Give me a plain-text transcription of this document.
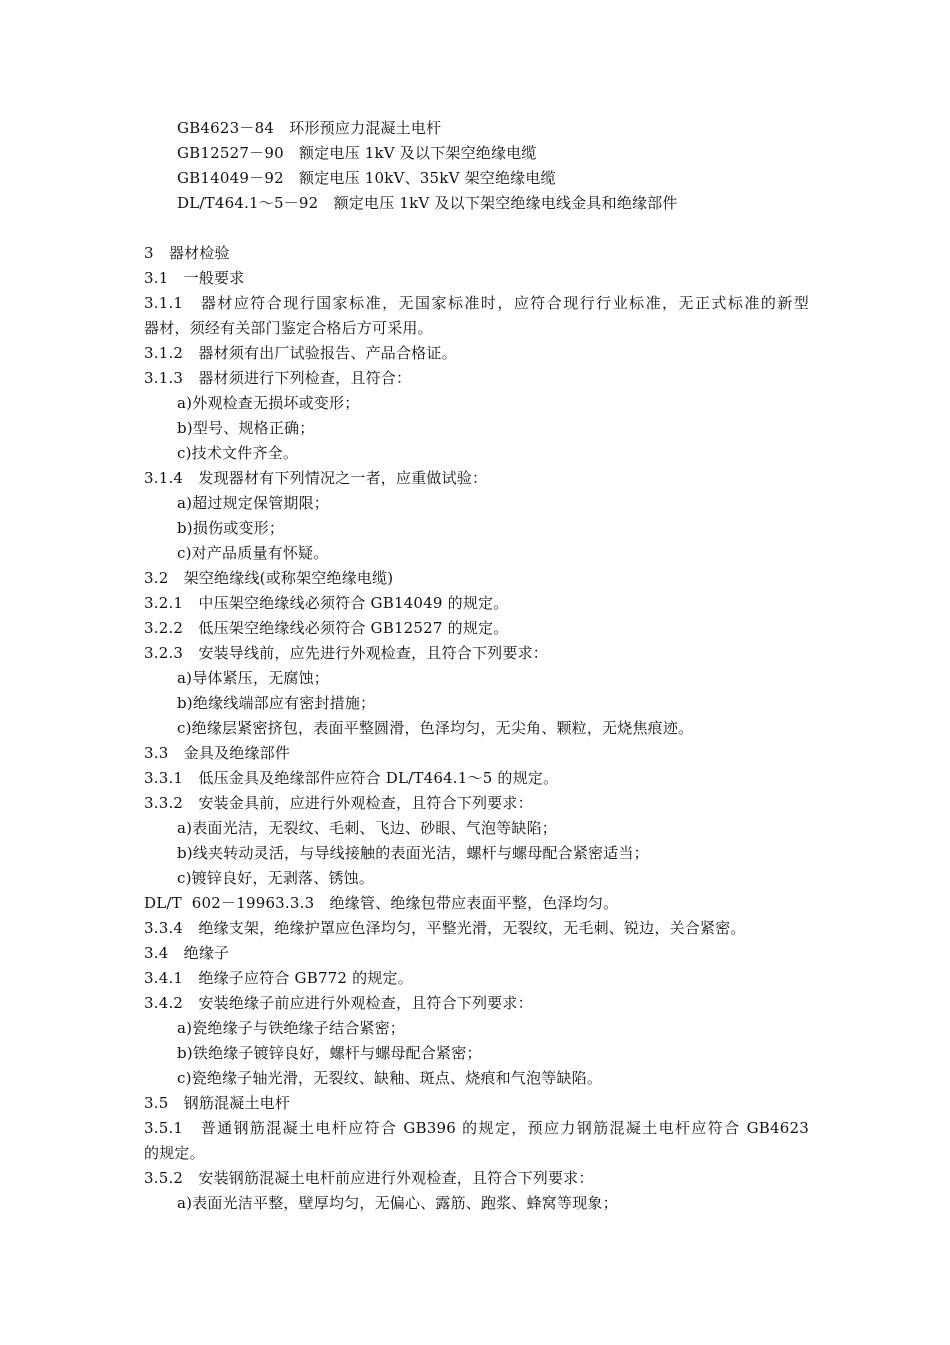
GB4623－84　环形预应力混凝土电杆
GB12527－90　额定电压 1kV 及以下架空绝缘电缆
GB14049－92　额定电压 10kV、35kV 架空绝缘电缆
DL/T464.1～5－92　额定电压 1kV 及以下架空绝缘电线金具和绝缘部件
3　器材检验
3.1　一般要求
3.1.1　器材应符合现行国家标准，无国家标准时，应符合现行行业标准，无正式标准的新型
器材，须经有关部门鉴定合格后方可采用。
3.1.2　器材须有出厂试验报告、产品合格证。
3.1.3　器材须进行下列检查，且符合：
a)外观检查无损坏或变形；
b)型号、规格正确；
c)技术文件齐全。
3.1.4　发现器材有下列情况之一者，应重做试验：
a)超过规定保管期限；
b)损伤或变形；
c)对产品质量有怀疑。
3.2　架空绝缘线(或称架空绝缘电缆)
3.2.1　中压架空绝缘线必须符合 GB14049 的规定。
3.2.2　低压架空绝缘线必须符合 GB12527 的规定。
3.2.3　安装导线前，应先进行外观检查，且符合下列要求：
a)导体紧压，无腐蚀；
b)绝缘线端部应有密封措施；
c)绝缘层紧密挤包，表面平整圆滑，色泽均匀，无尖角、颗粒，无烧焦痕迹。
3.3　金具及绝缘部件
3.3.1　低压金具及绝缘部件应符合 DL/T464.1～5 的规定。
3.3.2　安装金具前，应进行外观检查，且符合下列要求：
a)表面光洁，无裂纹、毛刺、飞边、砂眼、气泡等缺陷；
b)线夹转动灵活，与导线接触的表面光洁，螺杆与螺母配合紧密适当；
c)镀锌良好，无剥落、锈蚀。
DL/T  602－19963.3.3　绝缘管、绝缘包带应表面平整，色泽均匀。
3.3.4　绝缘支架，绝缘护罩应色泽均匀，平整光滑，无裂纹，无毛刺、锐边，关合紧密。
3.4　绝缘子
3.4.1　绝缘子应符合 GB772 的规定。
3.4.2　安装绝缘子前应进行外观检查，且符合下列要求：
a)瓷绝缘子与铁绝缘子结合紧密；
b)铁绝缘子镀锌良好，螺杆与螺母配合紧密；
c)瓷绝缘子轴光滑，无裂纹、缺釉、斑点、烧痕和气泡等缺陷。
3.5　钢筋混凝土电杆
3.5.1　普通钢筋混凝土电杆应符合 GB396 的规定，预应力钢筋混凝土电杆应符合 GB4623
的规定。
3.5.2　安装钢筋混凝土电杆前应进行外观检查，且符合下列要求：
a)表面光洁平整，壁厚均匀，无偏心、露筋、跑浆、蜂窝等现象；
